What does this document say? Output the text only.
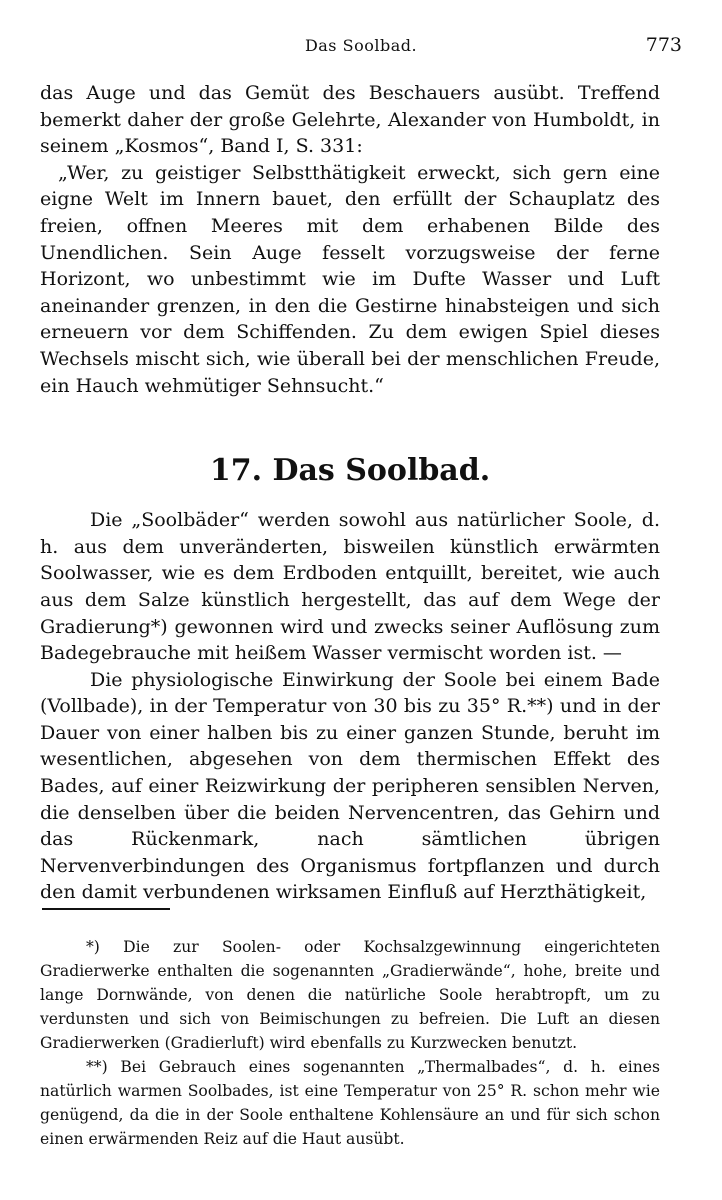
Das Soolbad.	773

das Auge und das Gemüt des Beschauers ausübt. Treffend bemerkt daher der große Gelehrte, Alexander von Humboldt, in seinem „Kosmos“, Band I, S. 331:

„Wer, zu geistiger Selbstthätigkeit erweckt, sich gern eine eigne Welt im Innern bauet, den erfüllt der Schauplatz des freien, offnen Meeres mit dem erhabenen Bilde des Unendlichen. Sein Auge fesselt vorzugsweise der ferne Horizont, wo unbestimmt wie im Dufte Wasser und Luft aneinander grenzen, in den die Gestirne hinabsteigen und sich erneuern vor dem Schiffenden. Zu dem ewigen Spiel dieses Wechsels mischt sich, wie überall bei der menschlichen Freude, ein Hauch wehmütiger Sehnsucht.“

17. Das Soolbad.

Die „Soolbäder“ werden sowohl aus natürlicher Soole, d. h. aus dem unveränderten, bisweilen künstlich erwärmten Soolwasser, wie es dem Erdboden entquillt, bereitet, wie auch aus dem Salze künstlich hergestellt, das auf dem Wege der Gradierung*) gewonnen wird und zwecks seiner Auflösung zum Badegebrauche mit heißem Wasser vermischt worden ist. —

Die physiologische Einwirkung der Soole bei einem Bade (Vollbade), in der Temperatur von 30 bis zu 35° R.**) und in der Dauer von einer halben bis zu einer ganzen Stunde, beruht im wesentlichen, abgesehen von dem thermischen Effekt des Bades, auf einer Reizwirkung der peripheren sensiblen Nerven, die denselben über die beiden Nervencentren, das Gehirn und das Rückenmark, nach sämtlichen übrigen Nervenverbindungen des Organismus fortpflanzen und durch den damit verbundenen wirksamen Einfluß auf Herzthätigkeit,

*) Die zur Soolen- oder Kochsalzgewinnung eingerichteten Gradierwerke enthalten die sogenannten „Gradierwände“, hohe, breite und lange Dornwände, von denen die natürliche Soole herabtropft, um zu verdunsten und sich von Beimischungen zu befreien. Die Luft an diesen Gradierwerken (Gradierluft) wird ebenfalls zu Kurzwecken benutzt.

**) Bei Gebrauch eines sogenannten „Thermalbades“, d. h. eines natürlich warmen Soolbades, ist eine Temperatur von 25° R. schon mehr wie genügend, da die in der Soole enthaltene Kohlensäure an und für sich schon einen erwärmenden Reiz auf die Haut ausübt.
